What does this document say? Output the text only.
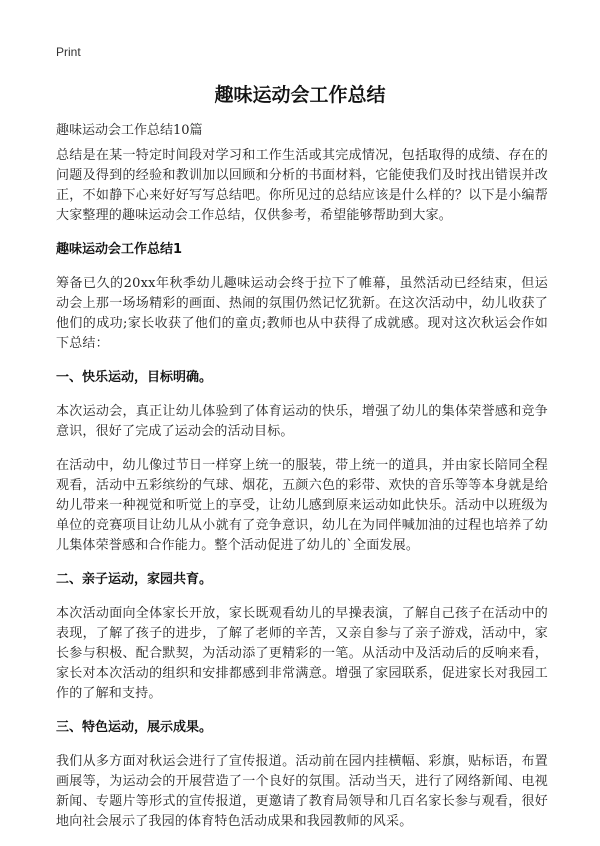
Print
趣味运动会工作总结
趣味运动会工作总结10篇

总结是在某一特定时间段对学习和工作生活或其完成情况，包括取得的成绩、存在的问题及得到的经验和教训加以回顾和分析的书面材料，它能使我们及时找出错误并改正，不如静下心来好好写写总结吧。你所见过的总结应该是什么样的？以下是小编帮大家整理的趣味运动会工作总结，仅供参考，希望能够帮助到大家。

趣味运动会工作总结1

筹备已久的20xx年秋季幼儿趣味运动会终于拉下了帷幕，虽然活动已经结束，但运动会上那一场场精彩的画面、热闹的氛围仍然记忆犹新。在这次活动中，幼儿收获了他们的成功;家长收获了他们的童贞;教师也从中获得了成就感。现对这次秋运会作如下总结：

一、快乐运动，目标明确。

本次运动会，真正让幼儿体验到了体育运动的快乐，增强了幼儿的集体荣誉感和竞争意识，很好了完成了运动会的活动目标。

在活动中，幼儿像过节日一样穿上统一的服装，带上统一的道具，并由家长陪同全程观看，活动中五彩缤纷的气球、烟花，五颜六色的彩带、欢快的音乐等等本身就是给幼儿带来一种视觉和听觉上的享受，让幼儿感到原来运动如此快乐。活动中以班级为单位的竞赛项目让幼儿从小就有了竞争意识，幼儿在为同伴喊加油的过程也培养了幼儿集体荣誉感和合作能力。整个活动促进了幼儿的`全面发展。

二、亲子运动，家园共育。

本次活动面向全体家长开放，家长既观看幼儿的早操表演，了解自己孩子在活动中的表现，了解了孩子的进步，了解了老师的辛苦，又亲自参与了亲子游戏，活动中，家长参与积极、配合默契，为活动添了更精彩的一笔。从活动中及活动后的反响来看，家长对本次活动的组织和安排都感到非常满意。增强了家园联系，促进家长对我园工作的了解和支持。

三、特色运动，展示成果。

我们从多方面对秋运会进行了宣传报道。活动前在园内挂横幅、彩旗，贴标语，布置画展等，为运动会的开展营造了一个良好的氛围。活动当天，进行了网络新闻、电视新闻、专题片等形式的宣传报道，更邀请了教育局领导和几百名家长参与观看，很好地向社会展示了我园的体育特色活动成果和我园教师的风采。
